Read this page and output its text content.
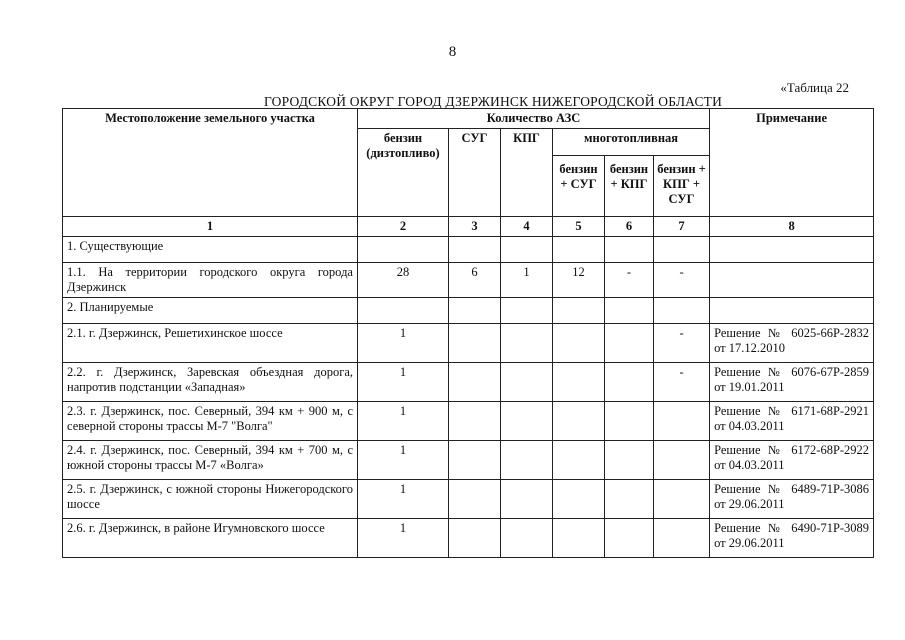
8
«Таблица 22
ГОРОДСКОЙ ОКРУГ ГОРОД ДЗЕРЖИНСК НИЖЕГОРОДСКОЙ ОБЛАСТИ
Местоположение земельного участка	Количество АЗС						Примечание
	бензин (дизтопливо)	СУГ	КПГ	многотопливная			
				бензин + СУГ	бензин + КПГ	бензин + КПГ + СУГ	
1	2	3	4	5	6	7	8
1. Существующие							
1.1. На территории городского округа города Дзержинск	28	6	1	12	-	-	
2. Планируемые							
2.1. г. Дзержинск, Решетихинское шоссе	1					-	Решение № 6025-66Р-2832 от 17.12.2010
2.2. г. Дзержинск, Заревская объездная дорога, напротив подстанции «Западная»	1					-	Решение № 6076-67Р-2859 от 19.01.2011
2.3. г. Дзержинск, пос. Северный, 394 км + 900 м, с северной стороны трассы М-7 "Волга"	1						Решение № 6171-68Р-2921 от 04.03.2011
2.4. г. Дзержинск, пос. Северный, 394 км + 700 м, с южной стороны трассы М-7 «Волга»	1						Решение № 6172-68Р-2922 от 04.03.2011
2.5. г. Дзержинск, с южной стороны Нижегородского шоссе	1						Решение № 6489-71Р-3086 от 29.06.2011
2.6. г. Дзержинск, в районе Игумновского шоссе	1						Решение № 6490-71Р-3089 от 29.06.2011
